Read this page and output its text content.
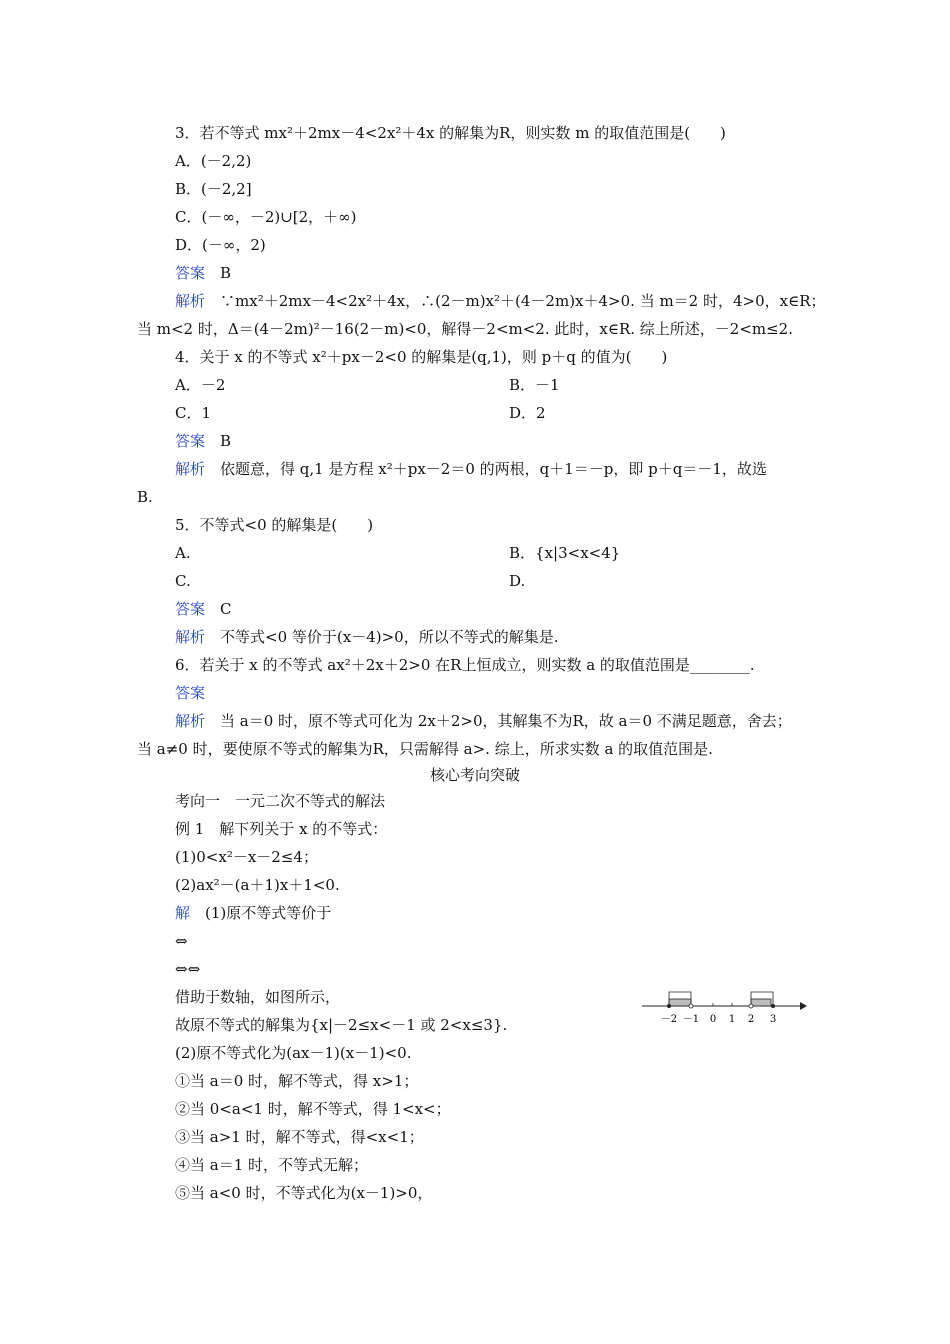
3．若不等式 mx²＋2mx－4<2x²＋4x 的解集为R，则实数 m 的取值范围是(　　)
A．(－2,2)
B．(－2,2]
C．(－∞，－2)∪[2，＋∞)
D．(－∞，2)
答案　 B
解析　 ∵mx²＋2mx－4<2x²＋4x，∴(2－m)x²＋(4－2m)x＋4>0. 当 m＝2 时，4>0，x∈R；
当 m<2 时，Δ＝(4－2m)²－16(2－m)<0，解得－2<m<2. 此时，x∈R. 综上所述，－2<m≤2.
4．关于 x 的不等式 x²＋px－2<0 的解集是(q,1)，则 p＋q 的值为(　　)
A．－2	B．－1
C．1	D．2
答案　 B
解析　 依题意，得 q,1 是方程 x²＋px－2＝0 的两根，q＋1＝－p，即 p＋q＝－1，故选
B.
5．不等式<0 的解集是(　　)
A.	B．{x|3<x<4}
C.	D.
答案　 C
解析　 不等式<0 等价于(x－4)>0，所以不等式的解集是.
6．若关于 x 的不等式 ax²＋2x＋2>0 在R上恒成立，则实数 a 的取值范围是________.
答案
解析　 当 a＝0 时，原不等式可化为 2x＋2>0，其解集不为R，故 a＝0 不满足题意，舍去；
当 a≠0 时，要使原不等式的解集为R，只需解得 a>. 综上，所求实数 a 的取值范围是.
核心考向突破
考向一　一元二次不等式的解法
例 1　解下列关于 x 的不等式：
(1)0<x²－x－2≤4；
(2)ax²－(a＋1)x＋1<0.
解　 (1)原不等式等价于
⇔
⇔⇔
借助于数轴，如图所示，
故原不等式的解集为{x|－2≤x<－1 或 2<x≤3}.
(2)原不等式化为(ax－1)(x－1)<0.
①当 a＝0 时，解不等式，得 x>1；
②当 0<a<1 时，解不等式，得 1<x<；
③当 a>1 时，解不等式，得<x<1；
④当 a＝1 时，不等式无解；
⑤当 a<0 时，不等式化为(x－1)>0，
－2 －1 0 1 2 3
